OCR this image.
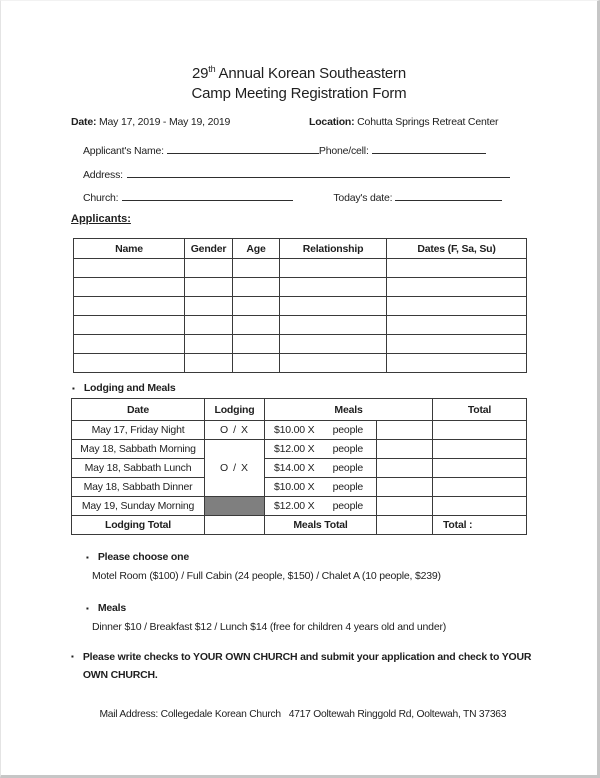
29th Annual Korean Southeastern
Camp Meeting Registration Form
Date: May 17, 2019 - May 19, 2019	Location: Cohutta Springs Retreat Center
Applicant's Name:	Phone/cell:
Address:
Church:	Today's date:
Applicants:
Name	Gender	Age	Relationship	Dates (F, Sa, Su)

▪ Lodging and Meals
Date	Lodging	Meals		Total
May 17, Friday Night	O / X	$10.00 X people		

May 18, Sabbath Morning	O / X	$12.00 X people		

May 18, Sabbath Lunch		$14.00 X people		

May 18, Sabbath Dinner		$10.00 X people		

May 19, Sunday Morning		$12.00 X people		

Lodging Total		Meals Total		Total :
▪ Please choose one
Motel Room ($100) / Full Cabin (24 people, $150) / Chalet A (10 people, $239)
▪ Meals
Dinner $10 / Breakfast $12 / Lunch $14 (free for children 4 years old and under)
▪ Please write checks to YOUR OWN CHURCH and submit your application and check to YOUR OWN CHURCH.

Mail Address: Collegedale Korean Church   4717 Ooltewah Ringgold Rd, Ooltewah, TN 37363
